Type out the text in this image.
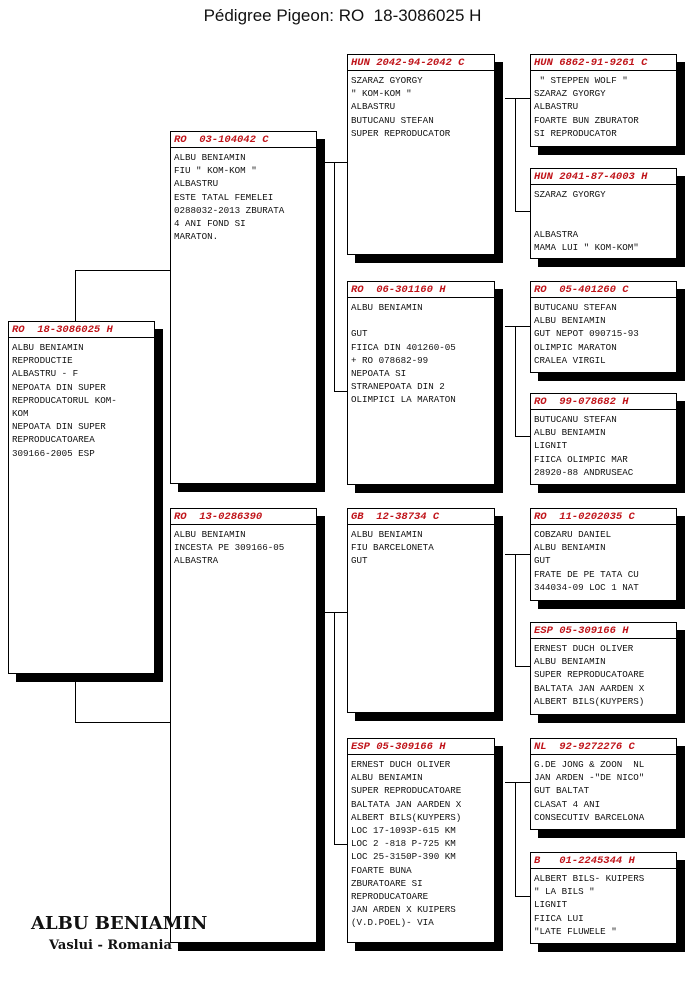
Pédigree Pigeon: RO  18-3086025 H
RO  18-3086025 H
ALBU BENIAMIN
REPRODUCTIE
ALBASTRU - F
NEPOATA DIN SUPER
REPRODUCATORUL KOM-
KOM
NEPOATA DIN SUPER
REPRODUCATOAREA
309166-2005 ESP
RO  03-104042 C
ALBU BENIAMIN
FIU " KOM-KOM "
ALBASTRU
ESTE TATAL FEMELEI
0288032-2013 ZBURATA
4 ANI FOND SI
MARATON.
RO  13-0286390
ALBU BENIAMIN
INCESTA PE 309166-05
ALBASTRA
HUN 2042-94-2042 C
SZARAZ GYORGY
" KOM-KOM "
ALBASTRU
BUTUCANU STEFAN
SUPER REPRODUCATOR
RO  06-301160 H
ALBU BENIAMIN

GUT
FIICA DIN 401260-05
+ RO 078682-99
NEPOATA SI
STRANEPOATA DIN 2
OLIMPICI LA MARATON
GB  12-38734 C
ALBU BENIAMIN
FIU BARCELONETA
GUT
ESP 05-309166 H
ERNEST DUCH OLIVER
ALBU BENIAMIN
SUPER REPRODUCATOARE
BALTATA JAN AARDEN X
ALBERT BILS(KUYPERS)
LOC 17-1093P-615 KM
LOC 2 -818 P-725 KM
LOC 25-3150P-390 KM
FOARTE BUNA
ZBURATOARE SI
REPRODUCATOARE
JAN ARDEN X KUIPERS
(V.D.POEL)- VIA
HUN 6862-91-9261 C
" STEPPEN WOLF "
SZARAZ GYORGY
ALBASTRU
FOARTE BUN ZBURATOR
SI REPRODUCATOR
HUN 2041-87-4003 H
SZARAZ GYORGY

ALBASTRA
MAMA LUI " KOM-KOM"
RO  05-401260 C
BUTUCANU STEFAN
ALBU BENIAMIN
GUT NEPOT 090715-93
OLIMPIC MARATON
CRALEA VIRGIL
RO  99-078682 H
BUTUCANU STEFAN
ALBU BENIAMIN
LIGNIT
FIICA OLIMPIC MAR
28920-88 ANDRUSEAC
RO  11-0202035 C
COBZARU DANIEL
ALBU BENIAMIN
GUT
FRATE DE PE TATA CU
344034-09 LOC 1 NAT
ESP 05-309166 H
ERNEST DUCH OLIVER
ALBU BENIAMIN
SUPER REPRODUCATOARE
BALTATA JAN AARDEN X
ALBERT BILS(KUYPERS)
NL  92-9272276 C
G.DE JONG & ZOON  NL
JAN ARDEN -"DE NICO"
GUT BALTAT
CLASAT 4 ANI
CONSECUTIV BARCELONA
B   01-2245344 H
ALBERT BILS- KUIPERS
" LA BILS "
LIGNIT
FIICA LUI
"LATE FLUWELE "
ALBU BENIAMIN
Vaslui - Romania
